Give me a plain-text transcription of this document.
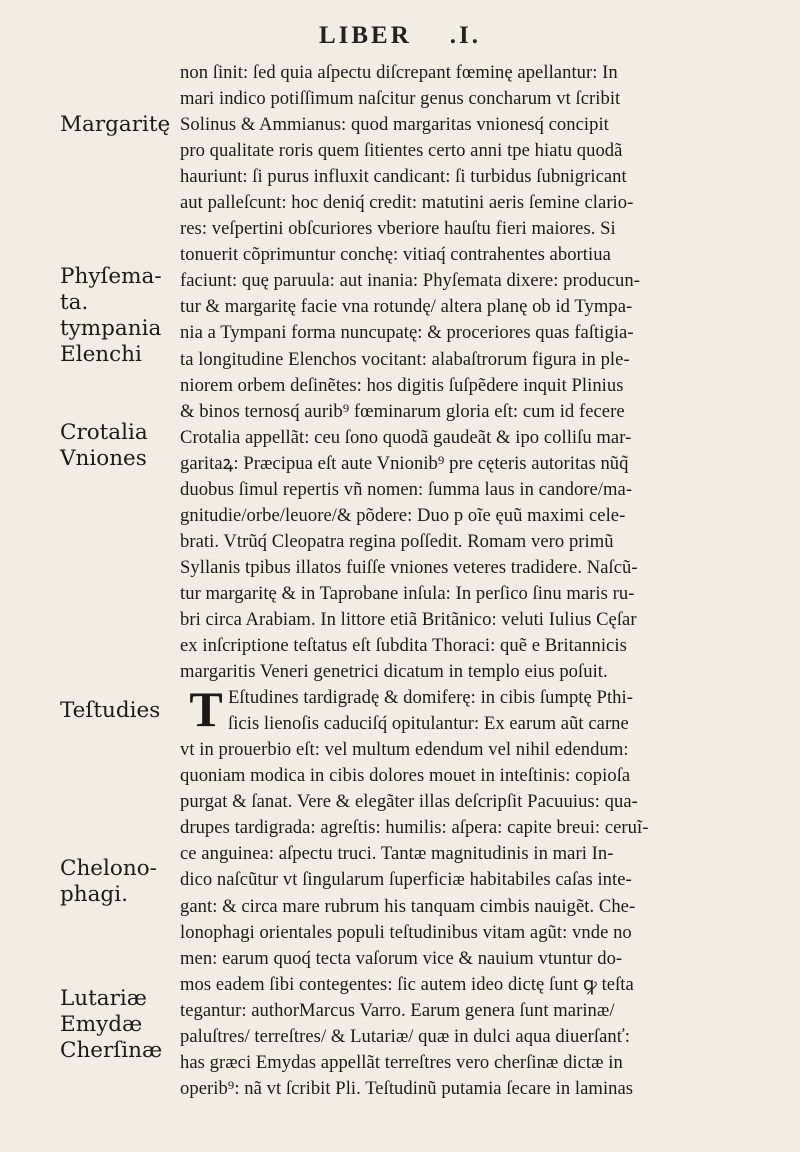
LIBER .I.
Margaritę
Phyſema-
ta.
tympania
Elenchi
Crotalia
Vniones
Teſtudies
Chelono-
phagi.
Lutariæ
Emydæ
Cherſinæ
T
non ſinit: ſed quia aſpectu diſcrepant fœminę apellantur: In
mari indico potiſſimum naſcitur genus concharum vt ſcribit
Solinus & Ammianus: quod margaritas vnionesq́ concipit
pro qualitate roris quem ſitientes certo anni tpe hiatu quodã
hauriunt: ſi purus influxit candicant: ſi turbidus ſubnigricant
aut palleſcunt: hoc deniq́ credit: matutini aeris ſemine clario-
res: veſpertini obſcuriores vberiore hauſtu fieri maiores. Si
tonuerit cõprimuntur conchę: vitiaq́ contrahentes abortiua
faciunt: quę paruula: aut inania: Phyſemata dixere: producun-
tur & margaritę facie vna rotundę/ altera planę ob id Tympa-
nia a Tympani forma nuncupatę: & proceriores quas faſtigia-
ta longitudine Elenchos vocitant: alabaſtrorum figura in ple-
niorem orbem deſinẽtes: hos digitis ſuſpẽdere inquit Plinius
& binos ternosq́ aurib⁹ fœminarum gloria eſt: cum id fecere
Crotalia appellãt: ceu ſono quodã gaudeãt & ipo colliſu mar-
garitaꝝ: Præcipua eſt aute Vnionib⁹ pre cęteris autoritas nũq̃
duobus ſimul repertis vñ nomen: ſumma laus in candore/ma-
gnitudie/orbe/leuore/& põdere: Duo p oĩe ęuũ maximi cele-
brati. Vtrũq́ Cleopatra regina poſſedit. Romam vero primũ
Syllanis tpibus illatos fuiſſe vniones veteres tradidere. Naſcũ-
tur margaritę & in Taprobane inſula: In perſico ſinu maris ru-
bri circa Arabiam. In littore etiã Britãnico: veluti Iulius Cęſar
ex inſcriptione teſtatus eſt ſubdita Thoraci: quẽ e Britannicis
margaritis Veneri genetrici dicatum in templo eius poſuit.
Eſtudines tardigradę & domiferę: in cibis ſumptę Pthi-
ſicis lienoſis caduciſq́ opitulantur: Ex earum aũt carne
vt in prouerbio eſt: vel multum edendum vel nihil edendum:
quoniam modica in cibis dolores mouet in inteſtinis: copioſa
purgat & ſanat. Vere & elegãter illas deſcripſit Pacuuius: qua-
drupes tardigrada: agreſtis: humilis: aſpera: capite breui: ceruĩ-
ce anguinea: aſpectu truci. Tantæ magnitudinis in mari In-
dico naſcũtur vt ſingularum ſuperficiæ habitabiles caſas inte-
gant: & circa mare rubrum his tanquam cimbis nauigẽt. Che-
lonophagi orientales populi teſtudinibus vitam agũt: vnde no
men: earum quoq́ tecta vaſorum vice & nauium vtuntur do-
mos eadem ſibi contegentes: ſic autem ideo dictę ſunt ꝙ teſta
tegantur: authorMarcus Varro. Earum genera ſunt marinæ/
paluſtres/ terreſtres/ & Lutariæ/ quæ in dulci aqua diuerſanť:
has græci Emydas appellãt terreſtres vero cherſinæ dictæ in
operib⁹: nã vt ſcribit Pli. Teſtudinũ putamia ſecare in laminas
